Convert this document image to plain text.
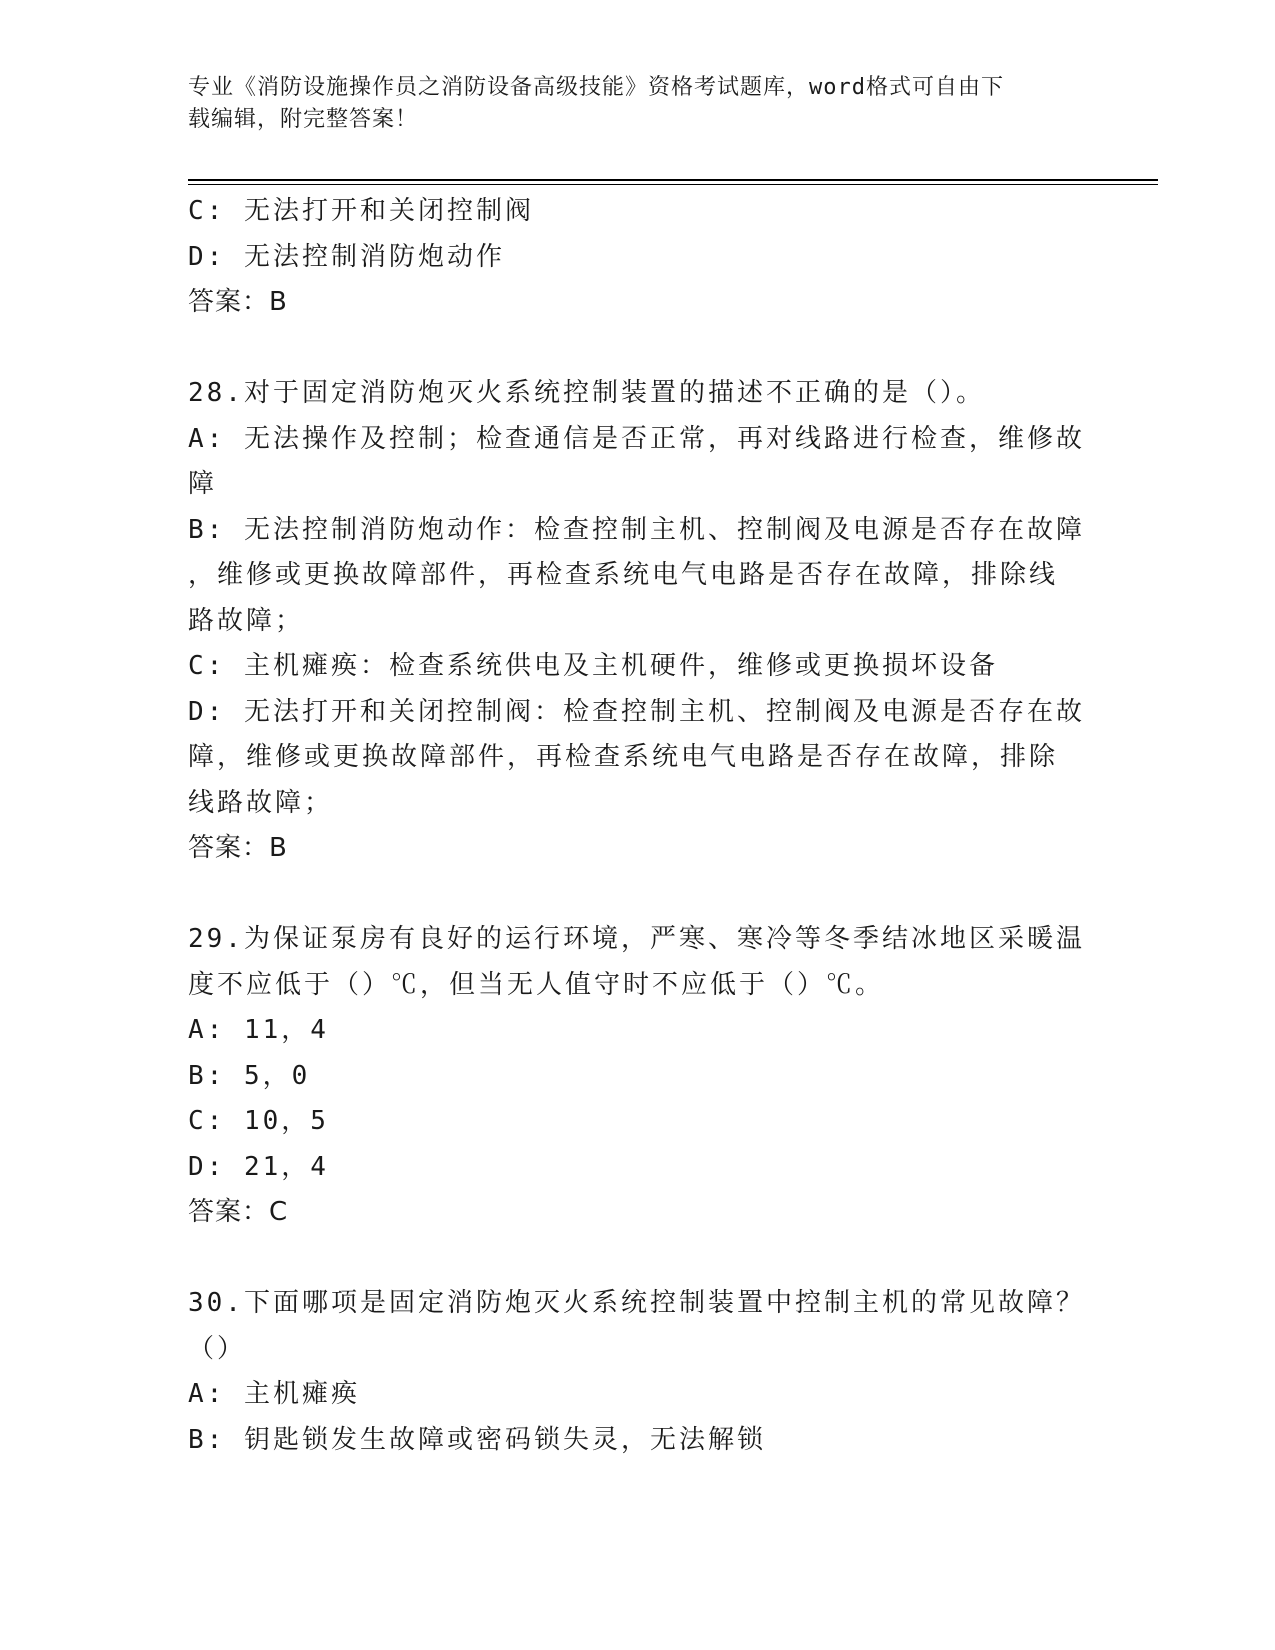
专业《消防设施操作员之消防设备高级技能》资格考试题库，word格式可自由下
载编辑，附完整答案！
C: 无法打开和关闭控制阀
D: 无法控制消防炮动作
答案：B
28.对于固定消防炮灭火系统控制装置的描述不正确的是（）。
A: 无法操作及控制；检查通信是否正常，再对线路进行检查，维修故
障
B: 无法控制消防炮动作：检查控制主机、控制阀及电源是否存在故障
，维修或更换故障部件，再检查系统电气电路是否存在故障，排除线
路故障；
C: 主机瘫痪：检查系统供电及主机硬件，维修或更换损坏设备
D: 无法打开和关闭控制阀：检查控制主机、控制阀及电源是否存在故
障，维修或更换故障部件，再检查系统电气电路是否存在故障，排除
线路故障；
答案：B
29.为保证泵房有良好的运行环境，严寒、寒冷等冬季结冰地区采暖温
度不应低于（）℃，但当无人值守时不应低于（）℃。
A: 11，4
B: 5，0
C: 10，5
D: 21，4
答案：C
30.下面哪项是固定消防炮灭火系统控制装置中控制主机的常见故障？
（）
A: 主机瘫痪
B: 钥匙锁发生故障或密码锁失灵，无法解锁
